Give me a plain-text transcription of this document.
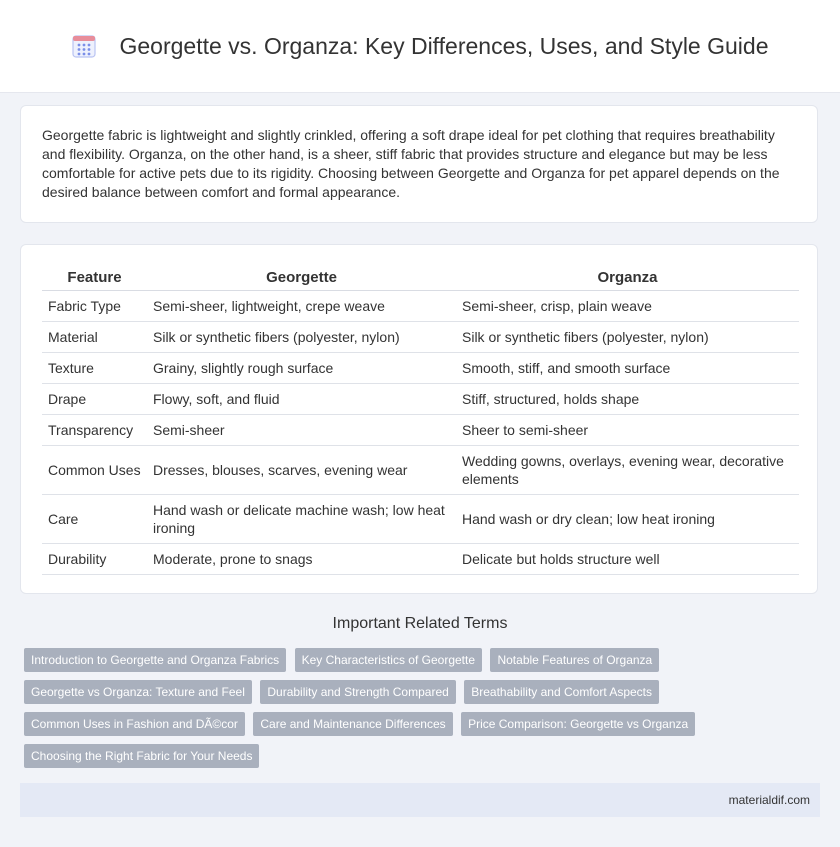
Georgette vs. Organza: Key Differences, Uses, and Style Guide

Georgette fabric is lightweight and slightly crinkled, offering a soft drape ideal for pet clothing that requires breathability and flexibility. Organza, on the other hand, is a sheer, stiff fabric that provides structure and elegance but may be less comfortable for active pets due to its rigidity. Choosing between Georgette and Organza for pet apparel depends on the desired balance between comfort and formal appearance.

Feature	Georgette	Organza
Fabric Type	Semi-sheer, lightweight, crepe weave	Semi-sheer, crisp, plain weave
Material	Silk or synthetic fibers (polyester, nylon)	Silk or synthetic fibers (polyester, nylon)
Texture	Grainy, slightly rough surface	Smooth, stiff, and smooth surface
Drape	Flowy, soft, and fluid	Stiff, structured, holds shape
Transparency	Semi-sheer	Sheer to semi-sheer
Common Uses	Dresses, blouses, scarves, evening wear	Wedding gowns, overlays, evening wear, decorative elements
Care	Hand wash or delicate machine wash; low heat ironing	Hand wash or dry clean; low heat ironing
Durability	Moderate, prone to snags	Delicate but holds structure well
Important Related Terms
Introduction to Georgette and Organza Fabrics Key Characteristics of Georgette Notable Features of Organza
Georgette vs Organza: Texture and Feel Durability and Strength Compared Breathability and Comfort Aspects
Common Uses in Fashion and DÃ©cor Care and Maintenance Differences Price Comparison: Georgette vs Organza
Choosing the Right Fabric for Your Needs
materialdif.com
